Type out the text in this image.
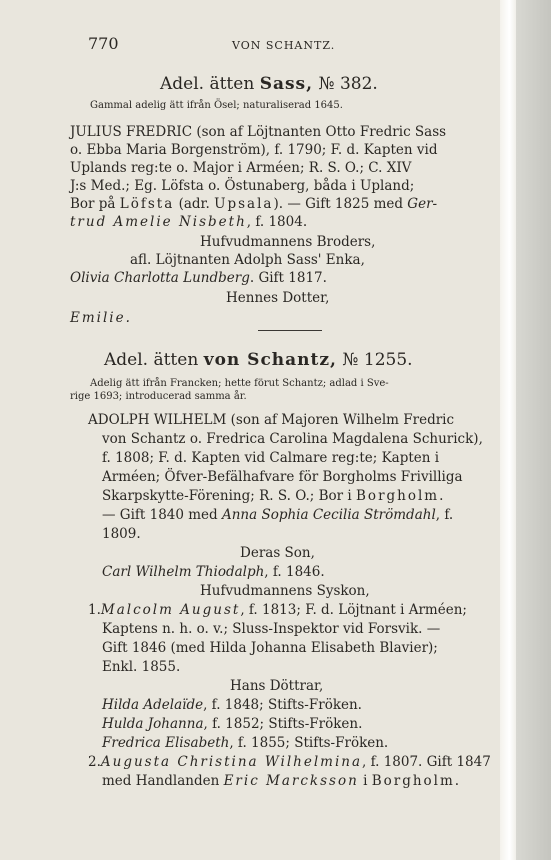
770	VON SCHANTZ.
Adel. ätten Sass, № 382.
Gammal adelig ätt ifrån Ösel; naturaliserad 1645.
JULIUS FREDRIC (son af Löjtnanten Otto Fredric Sass
o. Ebba Maria Borgenström), f. 1790; F. d. Kapten vid
Uplands reg:te o. Major i Arméen; R. S. O.; C. XIV
J:s Med.; Eg. Löfsta o. Östunaberg, båda i Upland;
Bor på Löfsta (adr. Upsala). — Gift 1825 med Ger-
trud Amelie Nisbeth, f. 1804.
Hufvudmannens Broders,
afl. Löjtnanten Adolph Sass' Enka,
Olivia Charlotta Lundberg. Gift 1817.
Hennes Dotter,
Emilie.
Adel. ätten von Schantz, № 1255.
Adelig ätt ifrån Francken; hette förut Schantz; adlad i Sve-
rige 1693; introducerad samma år.
ADOLPH WILHELM (son af Majoren Wilhelm Fredric
von Schantz o. Fredrica Carolina Magdalena Schurick),
f. 1808; F. d. Kapten vid Calmare reg:te; Kapten i
Arméen; Öfver-Befälhafvare för Borgholms Frivilliga
Skarpskytte-Förening; R. S. O.; Bor i Borgholm.
— Gift 1840 med Anna Sophia Cecilia Strömdahl, f.
1809.
Deras Son,
Carl Wilhelm Thiodalph, f. 1846.
Hufvudmannens Syskon,
1.Malcolm August, f. 1813; F. d. Löjtnant i Arméen;
Kaptens n. h. o. v.; Sluss-Inspektor vid Forsvik. —
Gift 1846 (med Hilda Johanna Elisabeth Blavier);
Enkl. 1855.
Hans Döttrar,
Hilda Adelaïde, f. 1848; Stifts-Fröken.
Hulda Johanna, f. 1852; Stifts-Fröken.
Fredrica Elisabeth, f. 1855; Stifts-Fröken.
2.Augusta Christina Wilhelmina, f. 1807. Gift 1847
med Handlanden Eric Marcksson i Borgholm.
